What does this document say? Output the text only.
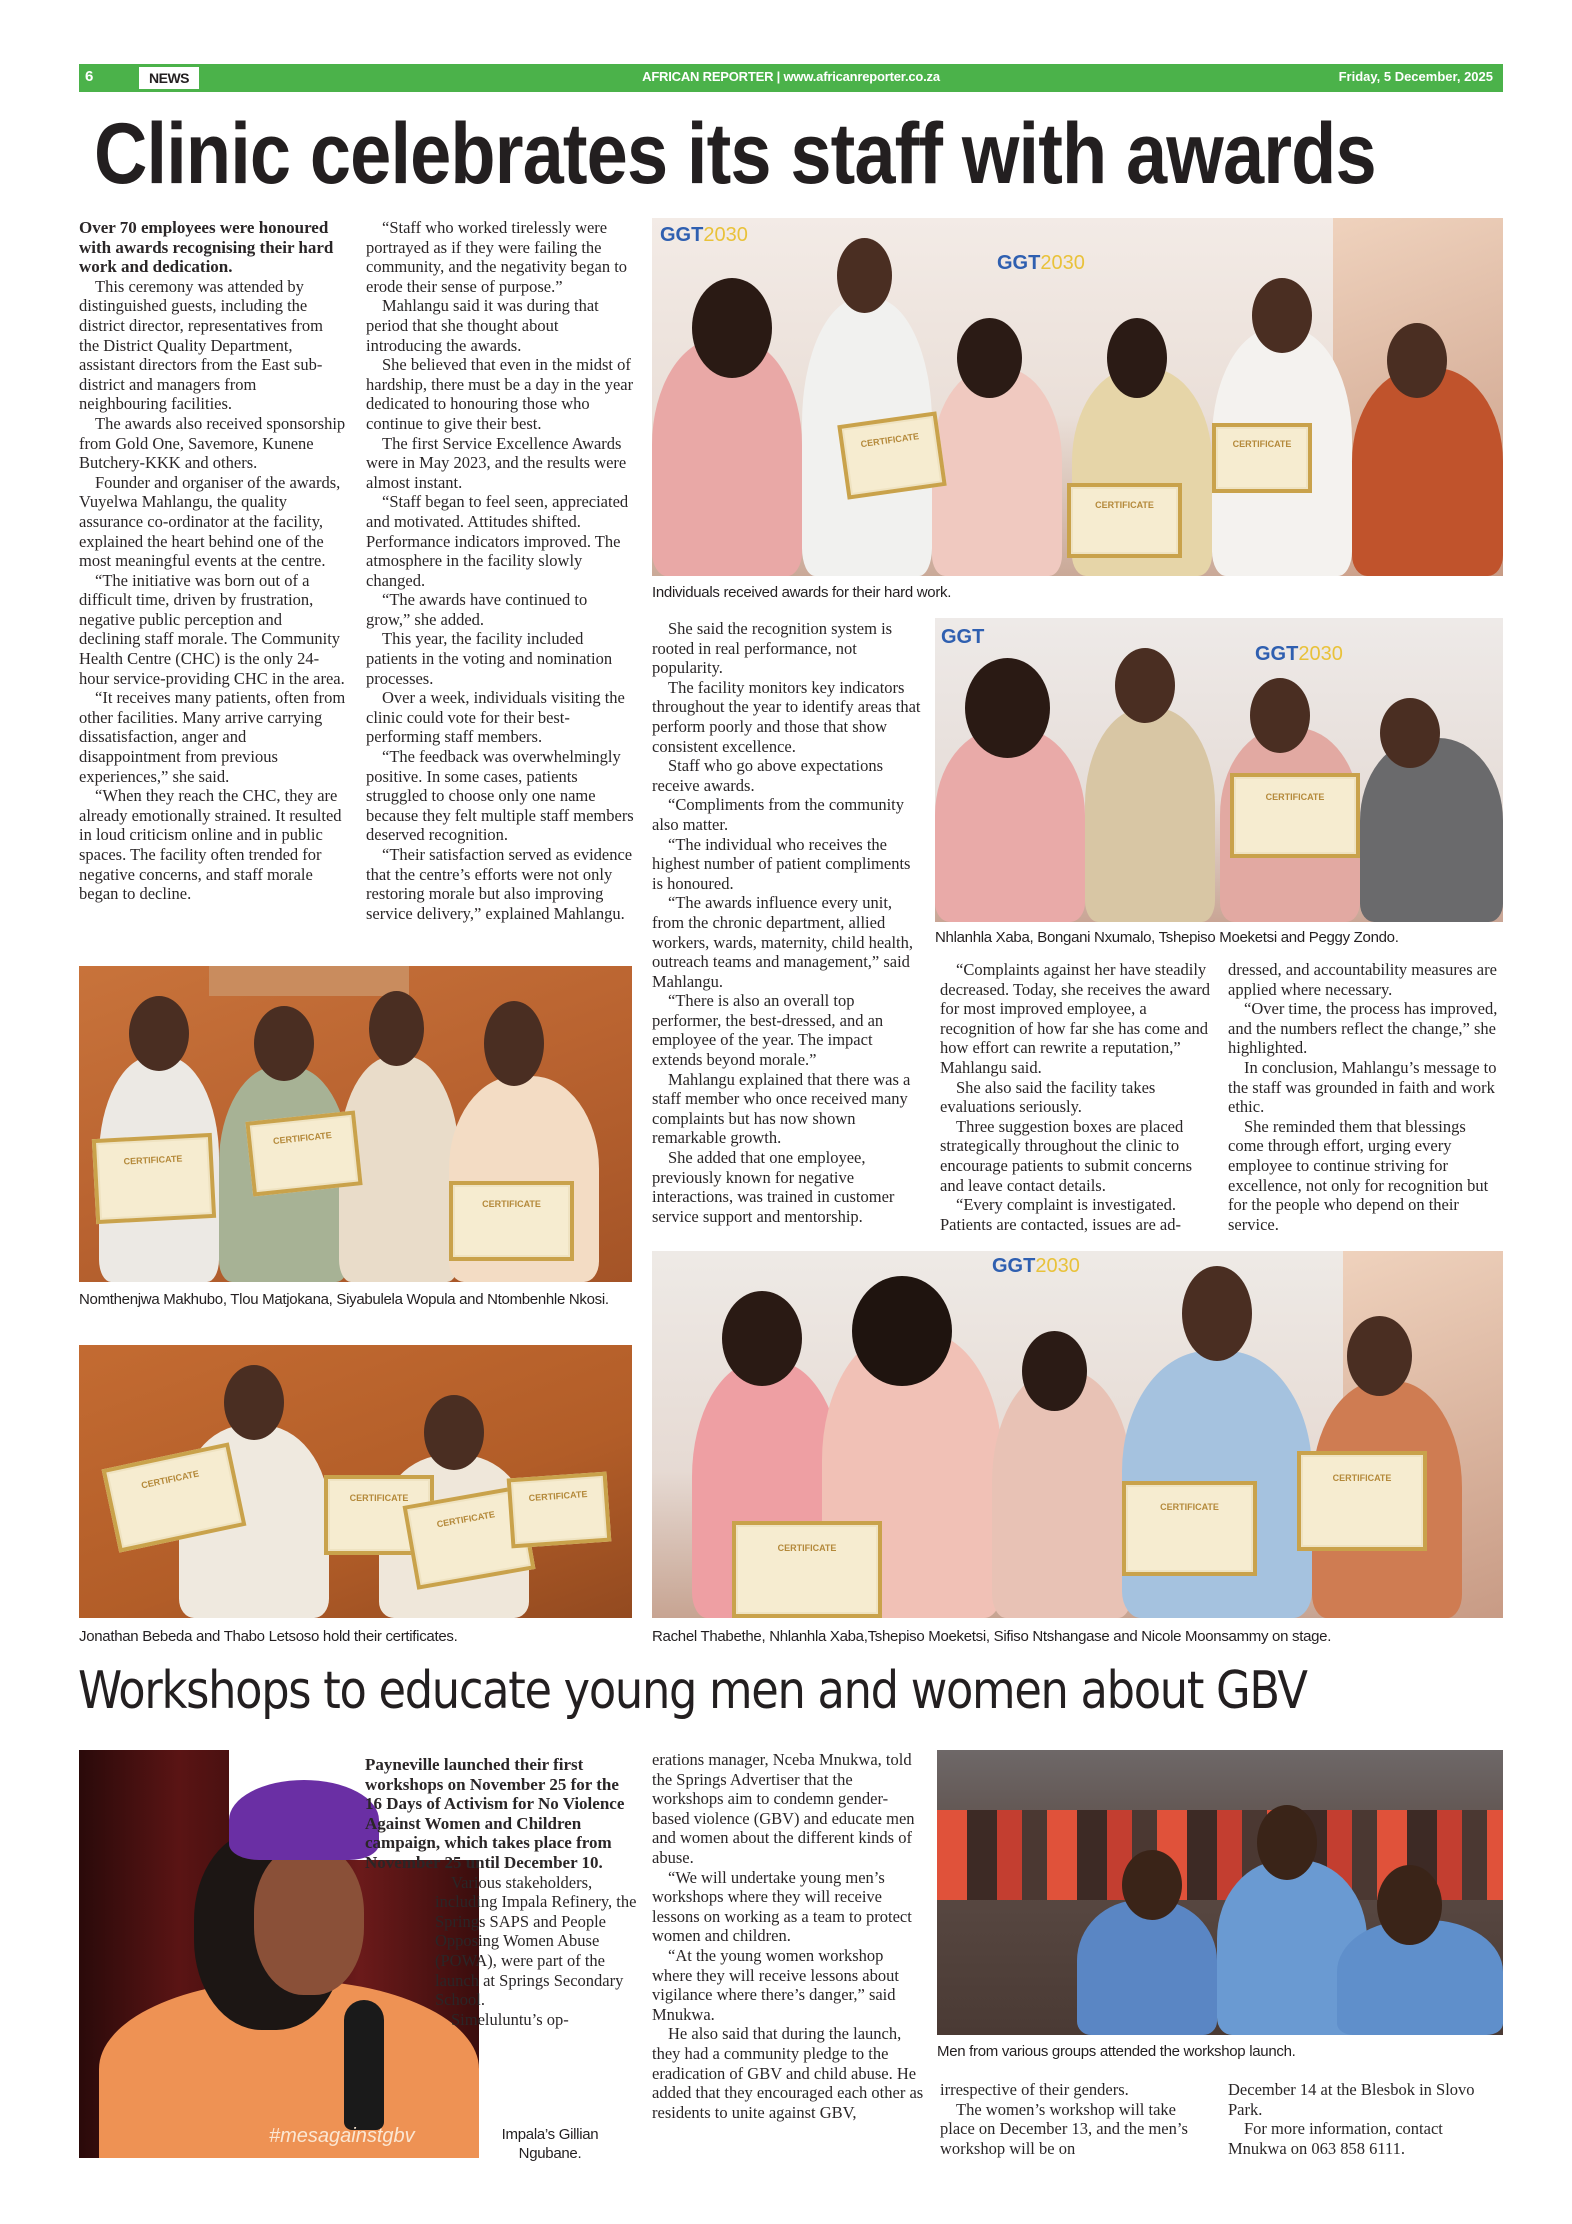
6	NEWS	AFRICAN REPORTER | www.africanreporter.co.za	Friday, 5 December, 2025
Clinic celebrates its staff with awards

Over 70 employees were honoured with awards recognising their hard work and dedication.

This ceremony was attended by distinguished guests, including the district director, representatives from the District Quality Department, assistant directors from the East sub-district and managers from neighbouring facilities.

The awards also received sponsorship from Gold One, Savemore, Kunene Butchery-KKK and others.

Founder and organiser of the awards, Vuyelwa Mahlangu, the quality assurance co-ordinator at the facility, explained the heart behind one of the most meaningful events at the centre.

“The initiative was born out of a difficult time, driven by frustration, negative public perception and declining staff morale. The Community Health Centre (CHC) is the only 24-hour service-providing CHC in the area.

“It receives many patients, often from other facilities. Many arrive carrying dissatisfaction, anger and disappointment from previous experiences,” she said.

“When they reach the CHC, they are already emotionally strained. It resulted in loud criticism online and in public spaces. The facility often trended for negative concerns, and staff morale began to decline.

“Staff who worked tirelessly were portrayed as if they were failing the community, and the negativity began to erode their sense of purpose.”

Mahlangu said it was during that period that she thought about introducing the awards.

She believed that even in the midst of hardship, there must be a day in the year dedicated to honouring those who continue to give their best.

The first Service Excellence Awards were in May 2023, and the results were almost instant.

“Staff began to feel seen, appreciated and motivated. Attitudes shifted. Performance indicators improved. The atmosphere in the facility slowly changed.

“The awards have continued to grow,” she added.

This year, the facility included patients in the voting and nomination processes.

Over a week, individuals visiting the clinic could vote for their best-performing staff members.

“The feedback was overwhelmingly positive. In some cases, patients struggled to choose only one name because they felt multiple staff members deserved recognition.

“Their satisfaction served as evidence that the centre’s efforts were not only restoring morale but also improving service delivery,” explained Mahlangu.

GGT2030
GGT2030
CERTIFICATE
CERTIFICATE
CERTIFICATE
Individuals received awards for their hard work.

She said the recognition system is rooted in real performance, not popularity.

The facility monitors key indicators throughout the year to identify areas that perform poorly and those that show consistent excellence.

Staff who go above expectations receive awards.

“Compliments from the community also matter.

“The individual who receives the highest number of patient compliments is honoured.

“The awards influence every unit, from the chronic department, allied workers, wards, maternity, child health, outreach teams and management,” said Mahlangu.

“There is also an overall top performer, the best-dressed, and an employee of the year. The impact extends beyond morale.”

Mahlangu explained that there was a staff member who once received many complaints but has now shown remarkable growth.

She added that one employee, previously known for negative interactions, was trained in customer service support and mentorship.

GGT
GGT2030
CERTIFICATE
Nhlanhla Xaba, Bongani Nxumalo, Tshepiso Moeketsi and Peggy Zondo.

“Complaints against her have steadily decreased. Today, she receives the award for most improved employee, a recognition of how far she has come and how effort can rewrite a reputation,” Mahlangu said.

She also said the facility takes evaluations seriously.

Three suggestion boxes are placed strategically throughout the clinic to encourage patients to submit concerns and leave contact details.

“Every complaint is investigated. Patients are contacted, issues are ad-

dressed, and accountability measures are applied where necessary.

“Over time, the process has improved, and the numbers reflect the change,” she highlighted.

In conclusion, Mahlangu’s message to the staff was grounded in faith and work ethic.

She reminded them that blessings come through effort, urging every employee to continue striving for excellence, not only for recognition but for the people who depend on their service.

CERTIFICATE
CERTIFICATE
CERTIFICATE
Nomthenjwa Makhubo, Tlou Matjokana, Siyabulela Wopula and Ntombenhle Nkosi.
CERTIFICATE
CERTIFICATE
CERTIFICATE
CERTIFICATE
Jonathan Bebeda and Thabo Letsoso hold their certificates.
GGT2030
CERTIFICATE
CERTIFICATE
CERTIFICATE
Rachel Thabethe, Nhlanhla Xaba,Tshepiso Moeketsi, Sifiso Ntshangase and Nicole Moonsammy on stage.
Workshops to educate young men and women about GBV
#mesagainstgbv

Payneville launched their first workshops on November 25 for the 16 Days of Activism for No Violence Against Women and Children campaign, which takes place from November 25 until December 10.

Various stakeholders, including Impala Refinery, the Springs SAPS and People Opposing Women Abuse (POWA), were part of the launch at Springs Secondary School.

Simeluluntu’s op-

Impala’s Gillian Ngubane.

erations manager, Nceba Mnukwa, told the Springs Advertiser that the workshops aim to condemn gender-based violence (GBV) and educate men and women about the different kinds of abuse.

“We will undertake young men’s workshops where they will receive lessons on working as a team to protect women and children.

“At the young women workshop where they will receive lessons about vigilance where there’s danger,” said Mnukwa.

He also said that during the launch, they had a community pledge to the eradication of GBV and child abuse. He added that they encouraged each other as residents to unite against GBV,

Men from various groups attended the workshop launch.

irrespective of their genders.

The women’s workshop will take place on December 13, and the men’s workshop will be on

December 14 at the Blesbok in Slovo Park.

For more information, contact Mnukwa on 063 858 6111.
